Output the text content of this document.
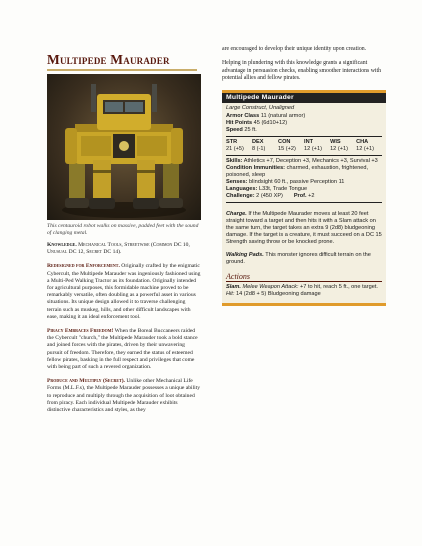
Multipede Maurader
This centauroid robot walks on massive, padded feet with the sound of clanging metal.
Knowledge. Mechanical Tools, Streetwise (Common DC 10, Unusual DC 12, Secret DC 14).

Redesigned for Enforcement. Originally crafted by the enigmatic Cybercult, the Multipede Marauder was ingeniously fashioned using a Multi-Ped Walking Tractor as its foundation. Originally intended for agricultural purposes, this formidable machine proved to be remarkably versatile, often doubling as a powerful asset in various situations. Its unique design allowed it to traverse challenging terrain such as muskeg, hills, and other difficult landscapes with ease, making it an ideal enforcement tool.

Piracy Embraces Freedom! When the Boreal Buccaneers raided the Cybercult "church," the Multipede Marauder took a bold stance and joined forces with the pirates, driven by their unwavering pursuit of freedom. Therefore, they earned the status of esteemed fellow pirates, basking in the full respect and privileges that come with being part of such a revered organization.

Produce and Multiply (Secret). Unlike other Mechanical Life Forms (M.L.F.s), the Multipede Marauder possesses a unique ability to reproduce and multiply through the acquisition of loot obtained from piracy. Each individual Multipede Marauder exhibits distinctive characteristics and styles, as they

are encouraged to develop their unique identity upon creation.

Helping in plundering with this knowledge grants a significant advantage in persuasion checks, enabling smoother interactions with potential allies and fellow pirates.

Multipede Maurader
Large Construct, Unaligned
Armor Class 11 (natural armor)
Hit Points 45 (6d10+12)
Speed 25 ft.
STR
21 (+5)
DEX
8 (-1)
CON
15 (+2)
INT
12 (+1)
WIS
12 (+1)
CHA
12 (+1)
Skills: Athletics +7, Deception +3, Mechanics +3, Survival +3
Condition Immunities: charmed, exhaustion, frightened, poisoned, sleep
Senses: blindsight 60 ft., passive Perception 11
Languages: L33t, Trade Tongue
Challenge: 2 (450 XP) Prof. +2
Charge. If the Multipede Maurader moves at least 20 feet straight toward a target and then hits it with a Slam attack on the same turn, the target takes an extra 9 (2d8) bludgeoning damage. If the target is a creature, it must succeed on a DC 15 Strength saving throw or be knocked prone.
Walking Pads. This monster ignores difficult terrain on the ground.
Actions
Slam. Melee Weapon Attack: +7 to hit, reach 5 ft., one target. Hit: 14 (2d8 + 5) Bludgeoning damage
